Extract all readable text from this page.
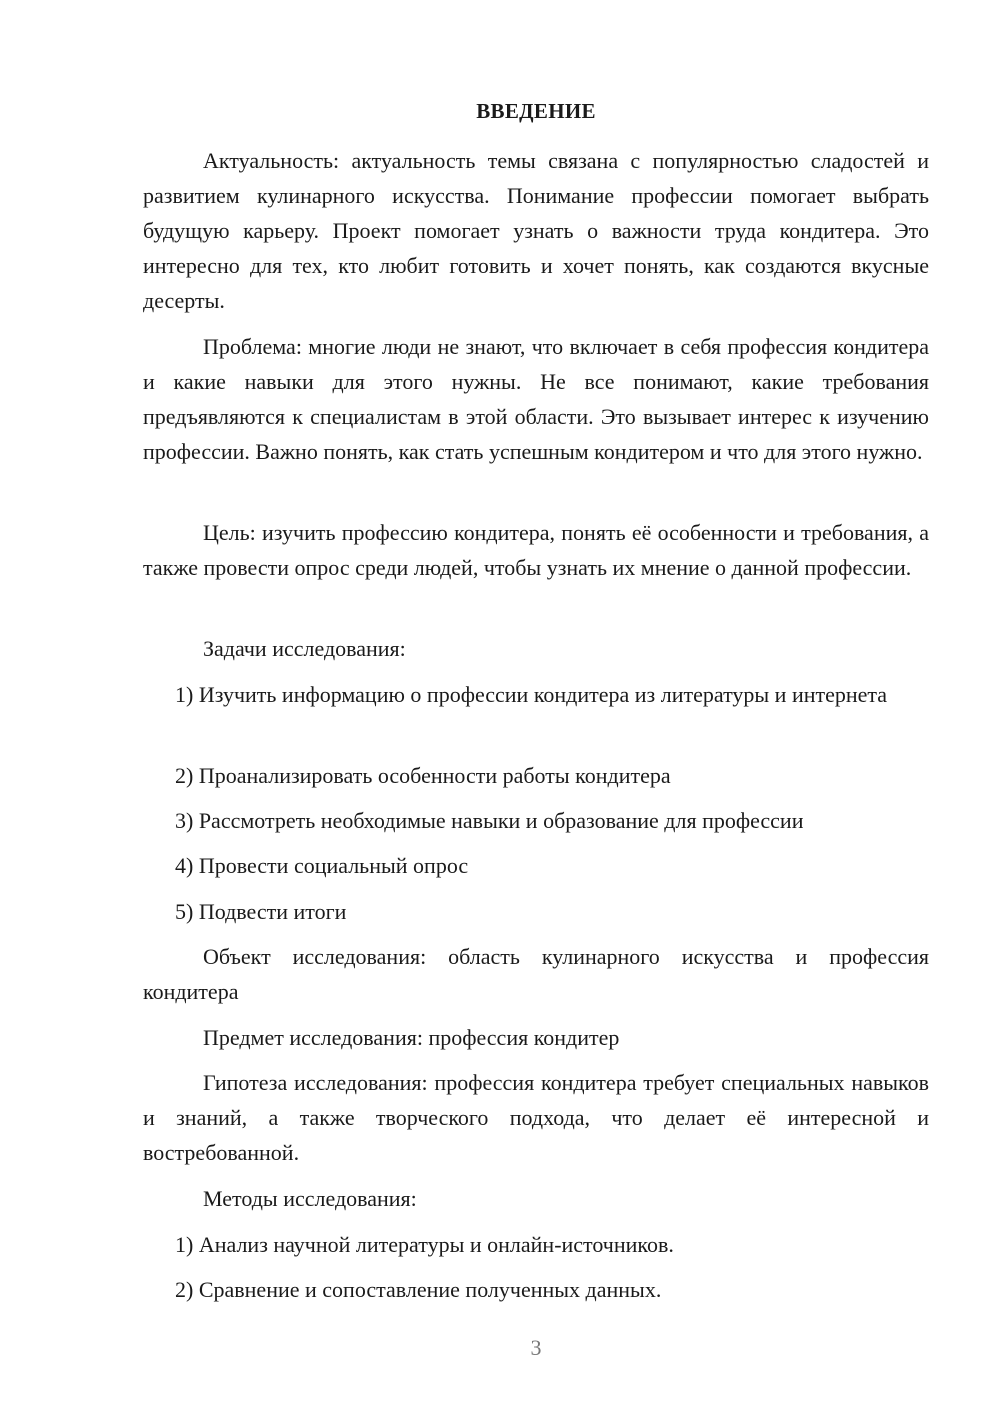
ВВЕДЕНИЕ

Актуальность: актуальность темы связана с популярностью сладостей и развитием кулинарного искусства. Понимание профессии помогает выбрать будущую карьеру. Проект помогает узнать о важности труда кондитера. Это интересно для тех, кто любит готовить и хочет понять, как создаются вкусные десерты.

Проблема: многие люди не знают, что включает в себя профессия кондитера и какие навыки для этого нужны. Не все понимают, какие требования предъявляются к специалистам в этой области. Это вызывает интерес к изучению профессии. Важно понять, как стать успешным кондитером и что для этого нужно.

Цель: изучить профессию кондитера, понять её особенности и требования, а также провести опрос среди людей, чтобы узнать их мнение о данной профессии.

Задачи исследования:

1) Изучить информацию о профессии кондитера из литературы и интернета

2) Проанализировать особенности работы кондитера

3) Рассмотреть необходимые навыки и образование для профессии

4) Провести социальный опрос

5) Подвести итоги

Объект исследования: область кулинарного искусства и профессия кондитера

Предмет исследования: профессия кондитер

Гипотеза исследования: профессия кондитера требует специальных навыков и знаний, а также творческого подхода, что делает её интересной и востребованной.

Методы исследования:

1) Анализ научной литературы и онлайн-источников.

2) Сравнение и сопоставление полученных данных.

3
